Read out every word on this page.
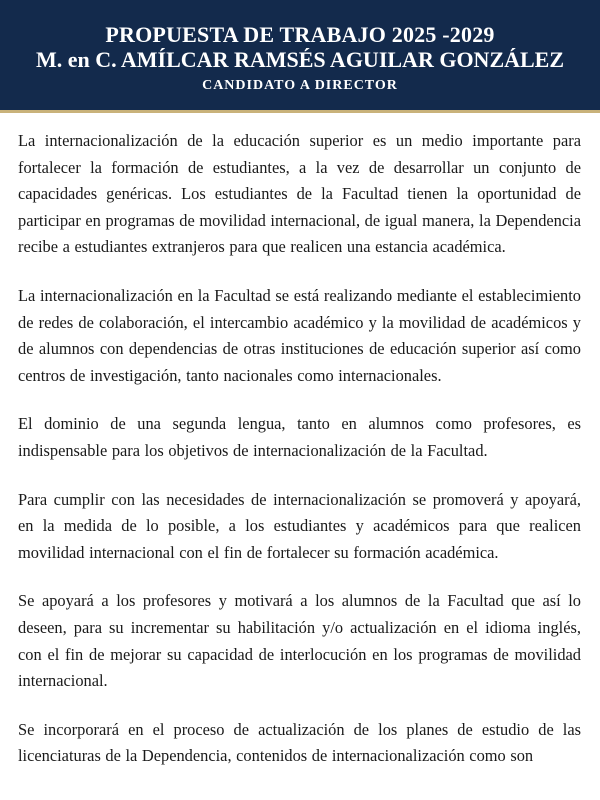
PROPUESTA DE TRABAJO 2025 -2029
M. en C. AMÍLCAR RAMSÉS AGUILAR GONZÁLEZ
CANDIDATO A DIRECTOR

La internacionalización de la educación superior es un medio importante para fortalecer la formación de estudiantes, a la vez de desarrollar un conjunto de capacidades genéricas. Los estudiantes de la Facultad tienen la oportunidad de participar en programas de movilidad internacional, de igual manera, la Dependencia recibe a estudiantes extranjeros para que realicen una estancia académica.

La internacionalización en la Facultad se está realizando mediante el establecimiento de redes de colaboración, el intercambio académico y la movilidad de académicos y de alumnos con dependencias de otras instituciones de educación superior así como centros de investigación, tanto nacionales como internacionales.

El dominio de una segunda lengua, tanto en alumnos como profesores, es indispensable para los objetivos de internacionalización de la Facultad.

Para cumplir con las necesidades de internacionalización se promoverá y apoyará, en la medida de lo posible, a los estudiantes y académicos para que realicen movilidad internacional con el fin de fortalecer su formación académica.

Se apoyará a los profesores y motivará a los alumnos de la Facultad que así lo deseen, para su incrementar su habilitación y/o actualización en el idioma inglés, con el fin de mejorar su capacidad de interlocución en los programas de movilidad internacional.

Se incorporará en el proceso de actualización de los planes de estudio de las licenciaturas de la Dependencia, contenidos de internacionalización como son
